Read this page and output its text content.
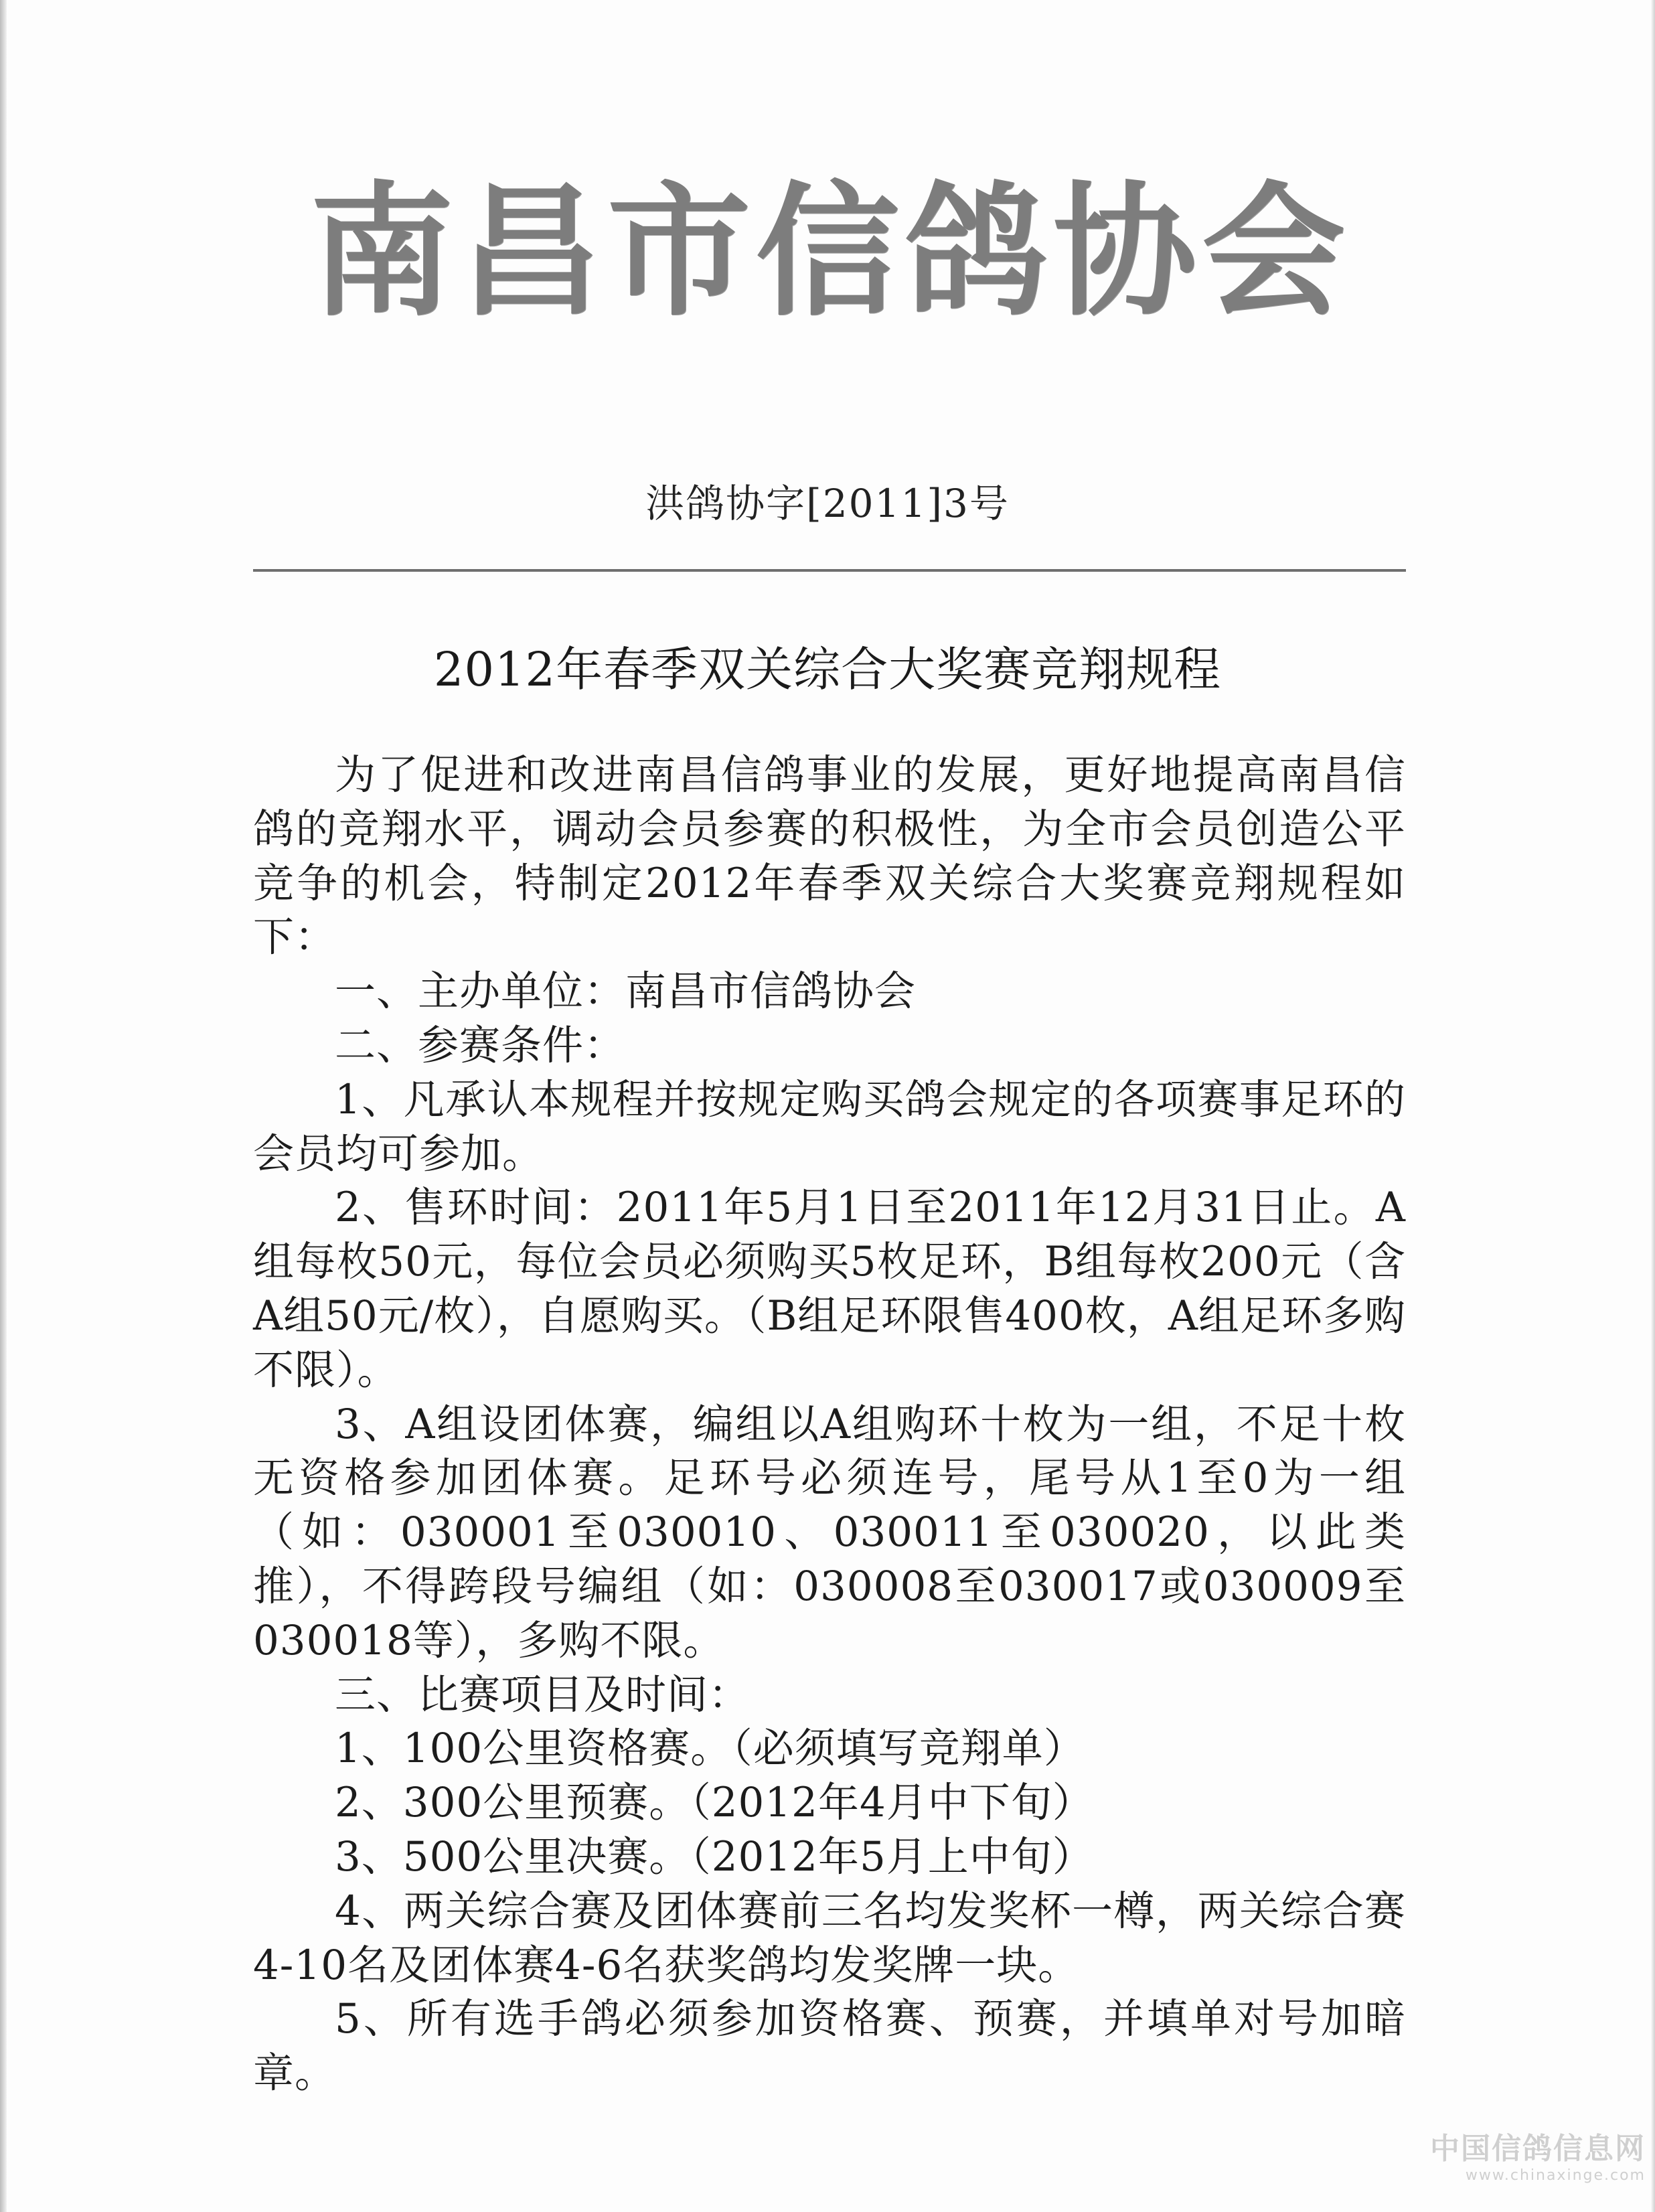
南昌市信鸽协会
洪鸽协字[2011]3号
2012年春季双关综合大奖赛竞翔规程

为了促进和改进南昌信鸽事业的发展，更好地提高南昌信鸽的竞翔水平，调动会员参赛的积极性，为全市会员创造公平竞争的机会，特制定2012年春季双关综合大奖赛竞翔规程如下：

一、主办单位：南昌市信鸽协会

二、参赛条件：

1、凡承认本规程并按规定购买鸽会规定的各项赛事足环的会员均可参加。

2、售环时间：2011年5月1日至2011年12月31日止。A组每枚50元，每位会员必须购买5枚足环，B组每枚200元（含A组50元/枚），自愿购买。（B组足环限售400枚，A组足环多购不限）。

3、A组设团体赛，编组以A组购环十枚为一组，不足十枚无资格参加团体赛。足环号必须连号，尾号从1至0为一组（如：030001至030010、030011至030020，以此类推），不得跨段号编组（如：030008至030017或030009至030018等），多购不限。

三、比赛项目及时间：

1、100公里资格赛。（必须填写竞翔单）

2、300公里预赛。（2012年4月中下旬）

3、500公里决赛。（2012年5月上中旬）

4、两关综合赛及团体赛前三名均发奖杯一樽，两关综合赛4-10名及团体赛4-6名获奖鸽均发奖牌一块。

5、所有选手鸽必须参加资格赛、预赛，并填单对号加暗章。

中国信鸽信息网
www.chinaxinge.com
